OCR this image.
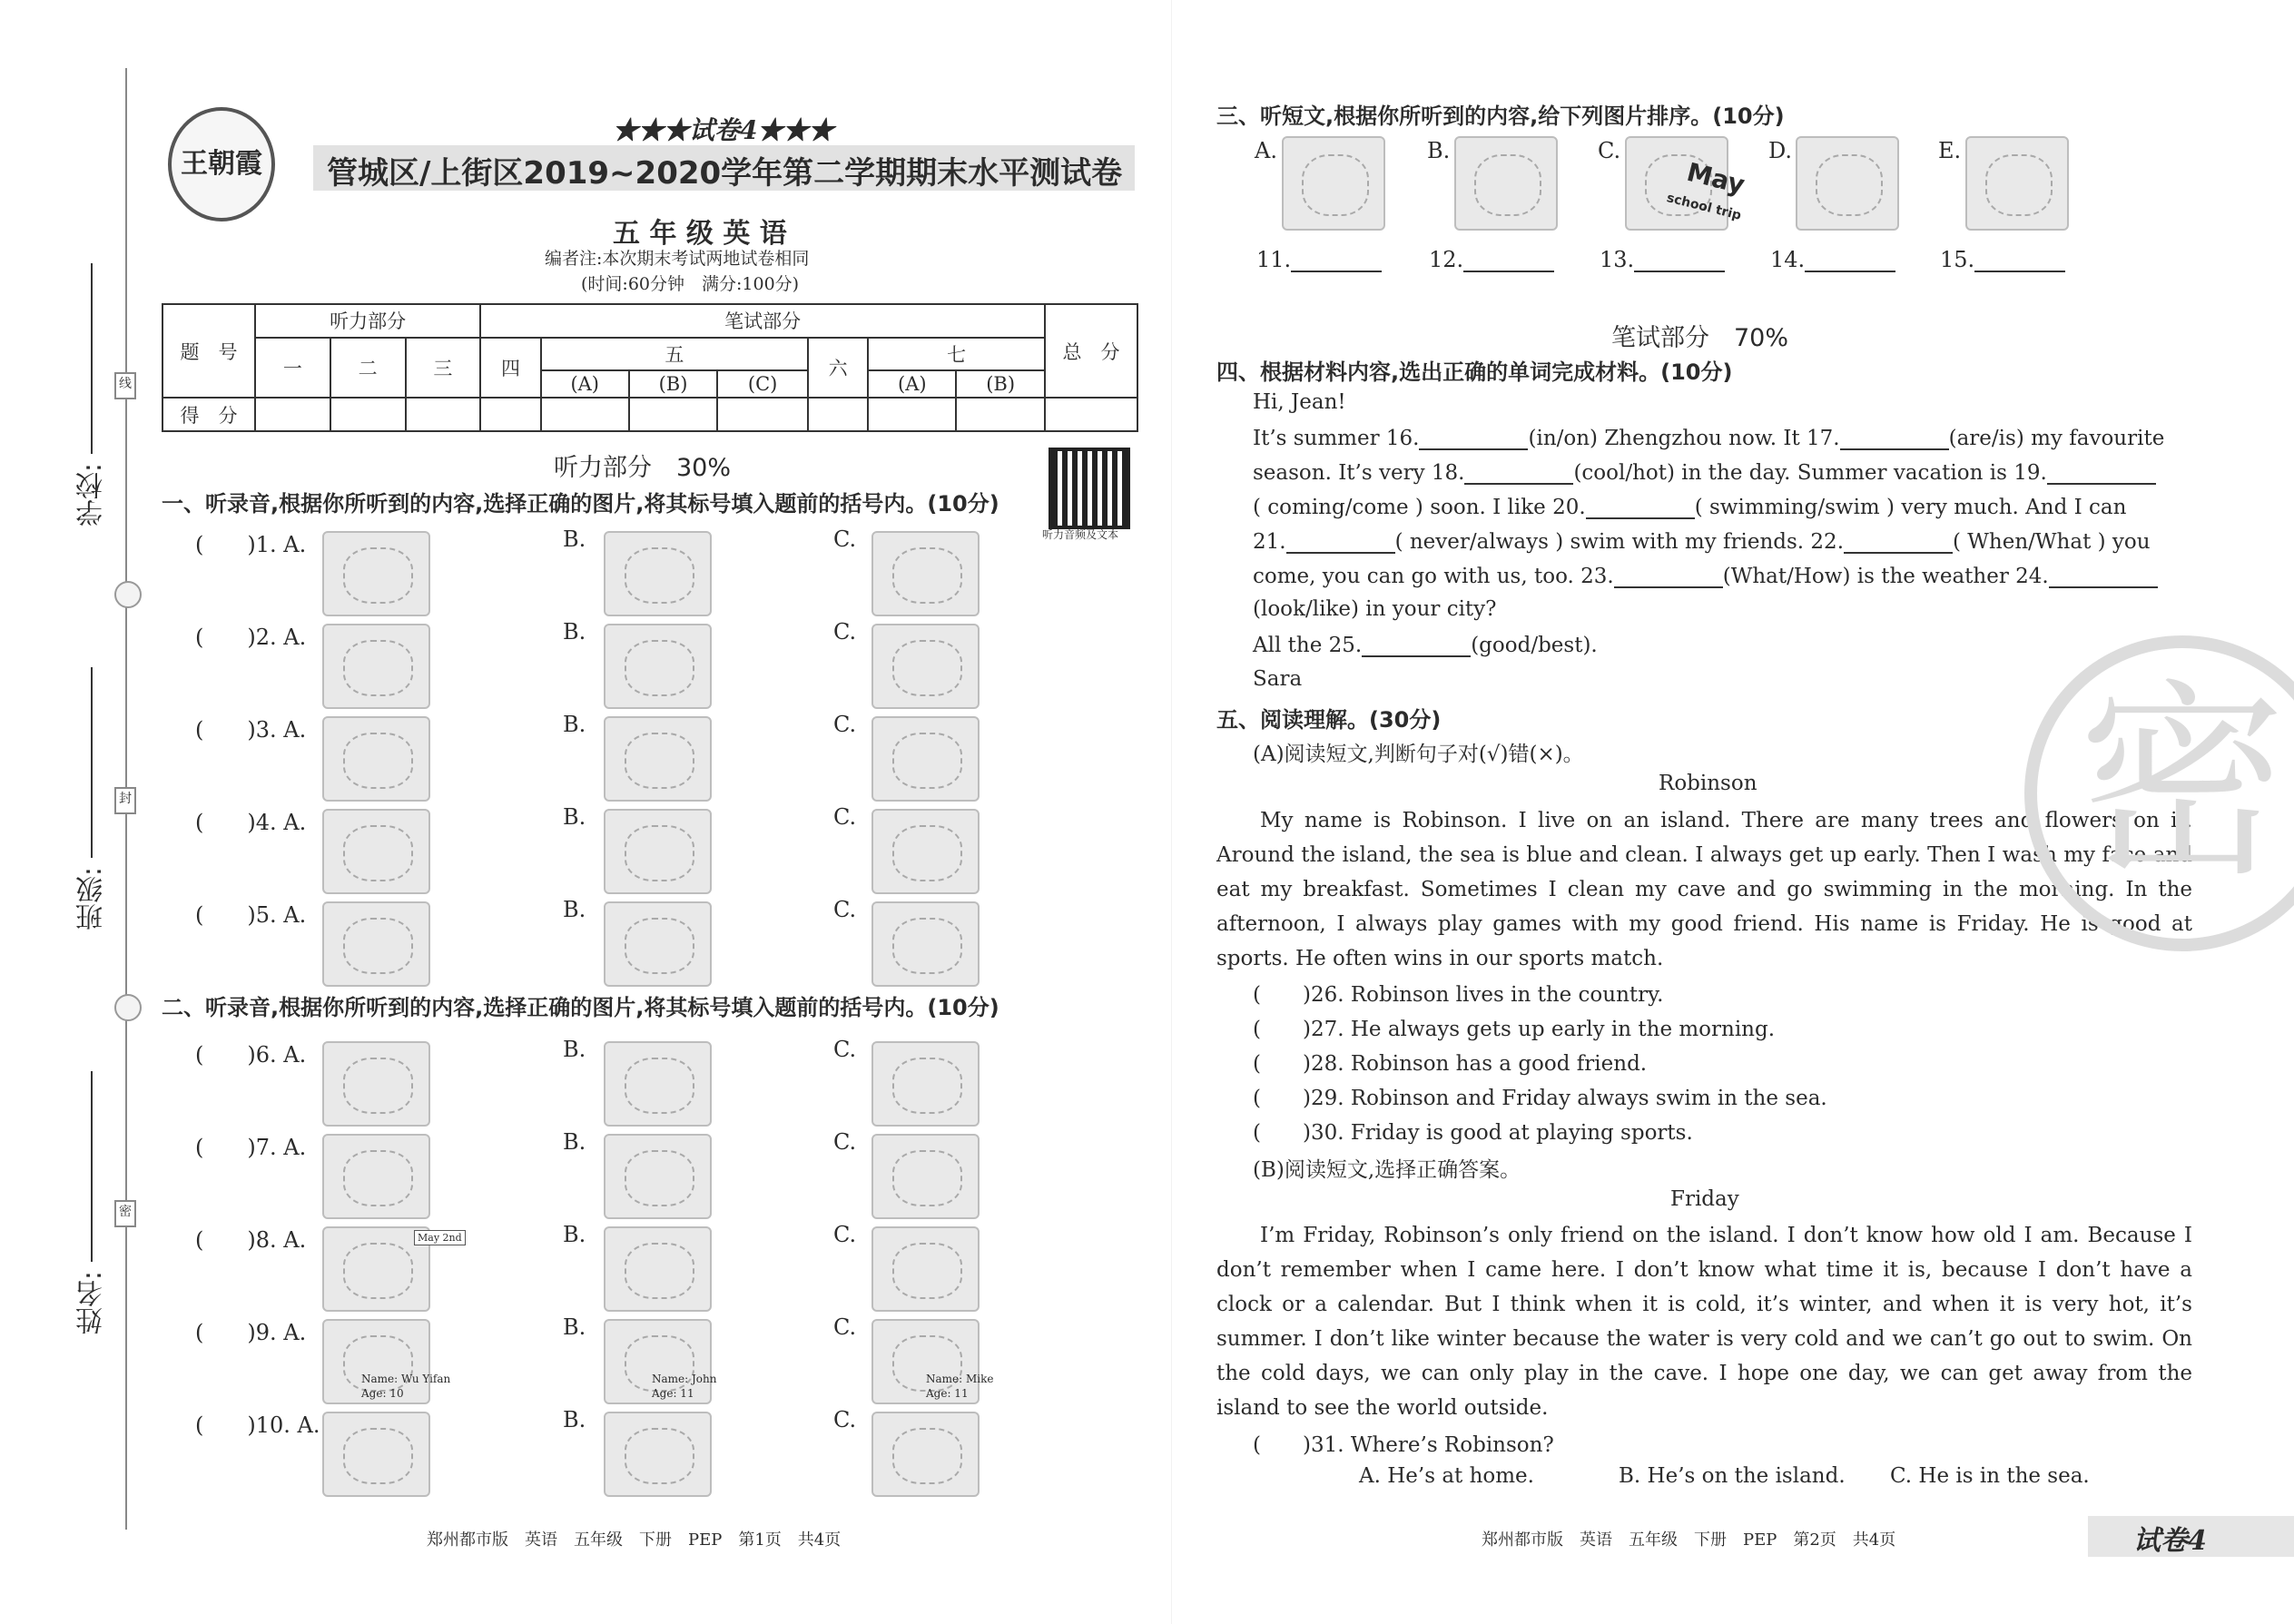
学校:
班级:
姓名:
线
封
密
王朝霞
★★★试卷4★★★
管城区/上街区2019~2020学年第二学期期末水平测试卷
五 年 级 英 语
编者注:本次期末考试两地试卷相同
(时间:60分钟　满分:100分)
题　号	听力部分			笔试部分							总　分
	一	二	三	四	五			六	七		
					(A)	(B)	(C)		(A)	(B)	
得　分											
听力部分　30%
听力音频及文本
一、听录音,根据你所听到的内容,选择正确的图片,将其标号填入题前的括号内。(10分)
(　　)1. A.	B.	C.
(　　)2. A.	B.	C.
(　　)3. A.	B.	C.
(　　)4. A.	B.	C.
(　　)5. A.	B.	C.
二、听录音,根据你所听到的内容,选择正确的图片,将其标号填入题前的括号内。(10分)
(　　)6. A.	B.	C.
(　　)7. A.	B.	C.
(　　)8. A.	B.	C.
(　　)9. A.	B.	C.
(　　)10. A.	B.	C.
Name: Wu Yifan
Age: 10
Name: John
Age: 11
Name: Mike
Age: 11
May 2nd
郑州都市版　英语　五年级　下册　PEP　第1页　共4页
三、听短文,根据你所听到的内容,给下列图片排序。(10分)
A.
11.
B.
12.
C.
13.
D.
14.
E.
15.
May
school trip
笔试部分　70%
四、根据材料内容,选出正确的单词完成材料。(10分)
Hi, Jean!
It’s summer 16.	(in/on) Zhengzhou now. It 17.	(are/is) my favourite
season. It’s very 18.	(cool/hot) in the day. Summer vacation is 19.
( coming/come ) soon. I like 20.	( swimming/swim ) very much. And I can
21.	( never/always ) swim with my friends. 22.	( When/What ) you
come, you can go with us, too. 23.	(What/How) is the weather 24.
(look/like) in your city?
All the 25.	(good/best).
Sara
五、阅读理解。(30分)
(A)阅读短文,判断句子对(√)错(×)。
Robinson
My name is Robinson. I live on an island. There are many trees and flowers on it. Around the island, the sea is blue and clean. I always get up early. Then I wash my face and eat my breakfast. Sometimes I clean my cave and go swimming in the morning. In the afternoon, I always play games with my good friend. His name is Friday. He is good at sports. He often wins in our sports match.
(　　)26. Robinson lives in the country.
(　　)27. He always gets up early in the morning.
(　　)28. Robinson has a good friend.
(　　)29. Robinson and Friday always swim in the sea.
(　　)30. Friday is good at playing sports.
(B)阅读短文,选择正确答案。
Friday
I’m Friday, Robinson’s only friend on the island. I don’t know how old I am. Because I don’t remember when I came here. I don’t know what time it is, because I don’t have a clock or a calendar. But I think when it is cold, it’s winter, and when it is very hot, it’s summer. I don’t like winter because the water is very cold and we can’t go out to swim. On the cold days, we can only play in the cave. I hope one day, we can get away from the island to see the world outside.
(　　)31. Where’s Robinson?
A. He’s at home.	B. He’s on the island. C. He is in the sea.
密
郑州都市版　英语　五年级　下册　PEP　第2页　共4页	试卷4
